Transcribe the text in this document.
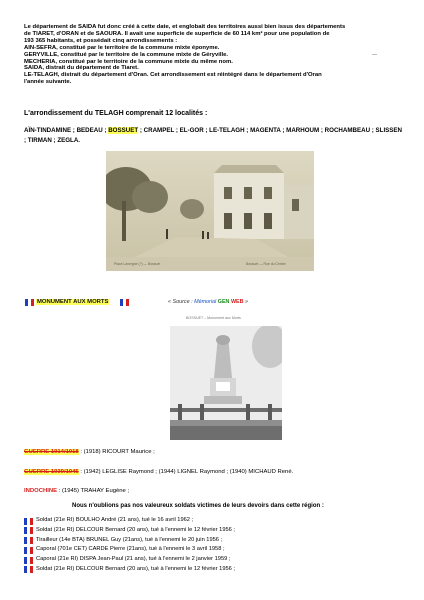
Le département de SAÏDA fut donc créé à cette date, et englobait des territoires aussi bien issus des départements
de TIARET, d'ORAN et de SAOURA. Il avait une superficie de superficie de 60 114 km² pour une population de
193 365 habitants, et possédait cinq arrondissements :
AÏN-SEFRA, constitué par le territoire de la commune mixte éponyme.
GERYVILLE, constitué par le territoire de la commune mixte de Géryville.
MECHERIA, constitué par le territoire de la commune mixte du même nom.
SAÏDA, distrait du département de Tiaret.
LE-TELAGH, distrait du département d'Oran. Cet arrondissement est réintégré dans le département d'Oran
l'année suivante.
—
L'arrondissement du TELAGH comprenait 12 localités :
AÏN-TINDAMINE ; BEDEAU ; BOSSUET ; CRAMPEL ; EL-GOR ; LE-TELAGH ; MAGENTA ; MARHOUM ; ROCHAMBEAU ; SLISSEN ; TIRMAN ; ZEGLA.
Place Lavergne (?) — Bossuet	Bossuet — Rue du Centre
MONUMENT AUX MORTS	« Source : Mémorial GEN WEB »
BOSSUET – Monument aux Morts
GUERRE 1914/1918 : (1918) RICOURT Maurice ;
GUERRE 1939/1945 : (1942) LEGLISE Raymond ; (1944) LIGNEL Raymond ; (1940) MICHAUD René.
INDOCHINE : (1945) TRAHAY Eugène ;
Nous n'oublions pas nos valeureux soldats victimes de leurs devoirs dans cette région :
Soldat (21e RI) BOULHO André (21 ans), tué le 16 avril 1962 ;
Soldat (21e RI) DELCOUR Bernard (20 ans), tué à l'ennemi le 12 février 1956 ;
Tirailleur (14e BTA) BRUNEL Guy (21ans), tué à l'ennemi le 20 juin 1956 ;
Caporal (701e CET) CARDE Pierre (21ans), tué à l'ennemi le 3 avril 1958 ;
Caporal (21e RI) DISPA Jean-Paul (21 ans), tué à l'ennemi le 2 janvier 1959 ;
Soldat (21e RI) DELCOUR Bernard (20 ans), tué à l'ennemi le 12 février 1956 ;
